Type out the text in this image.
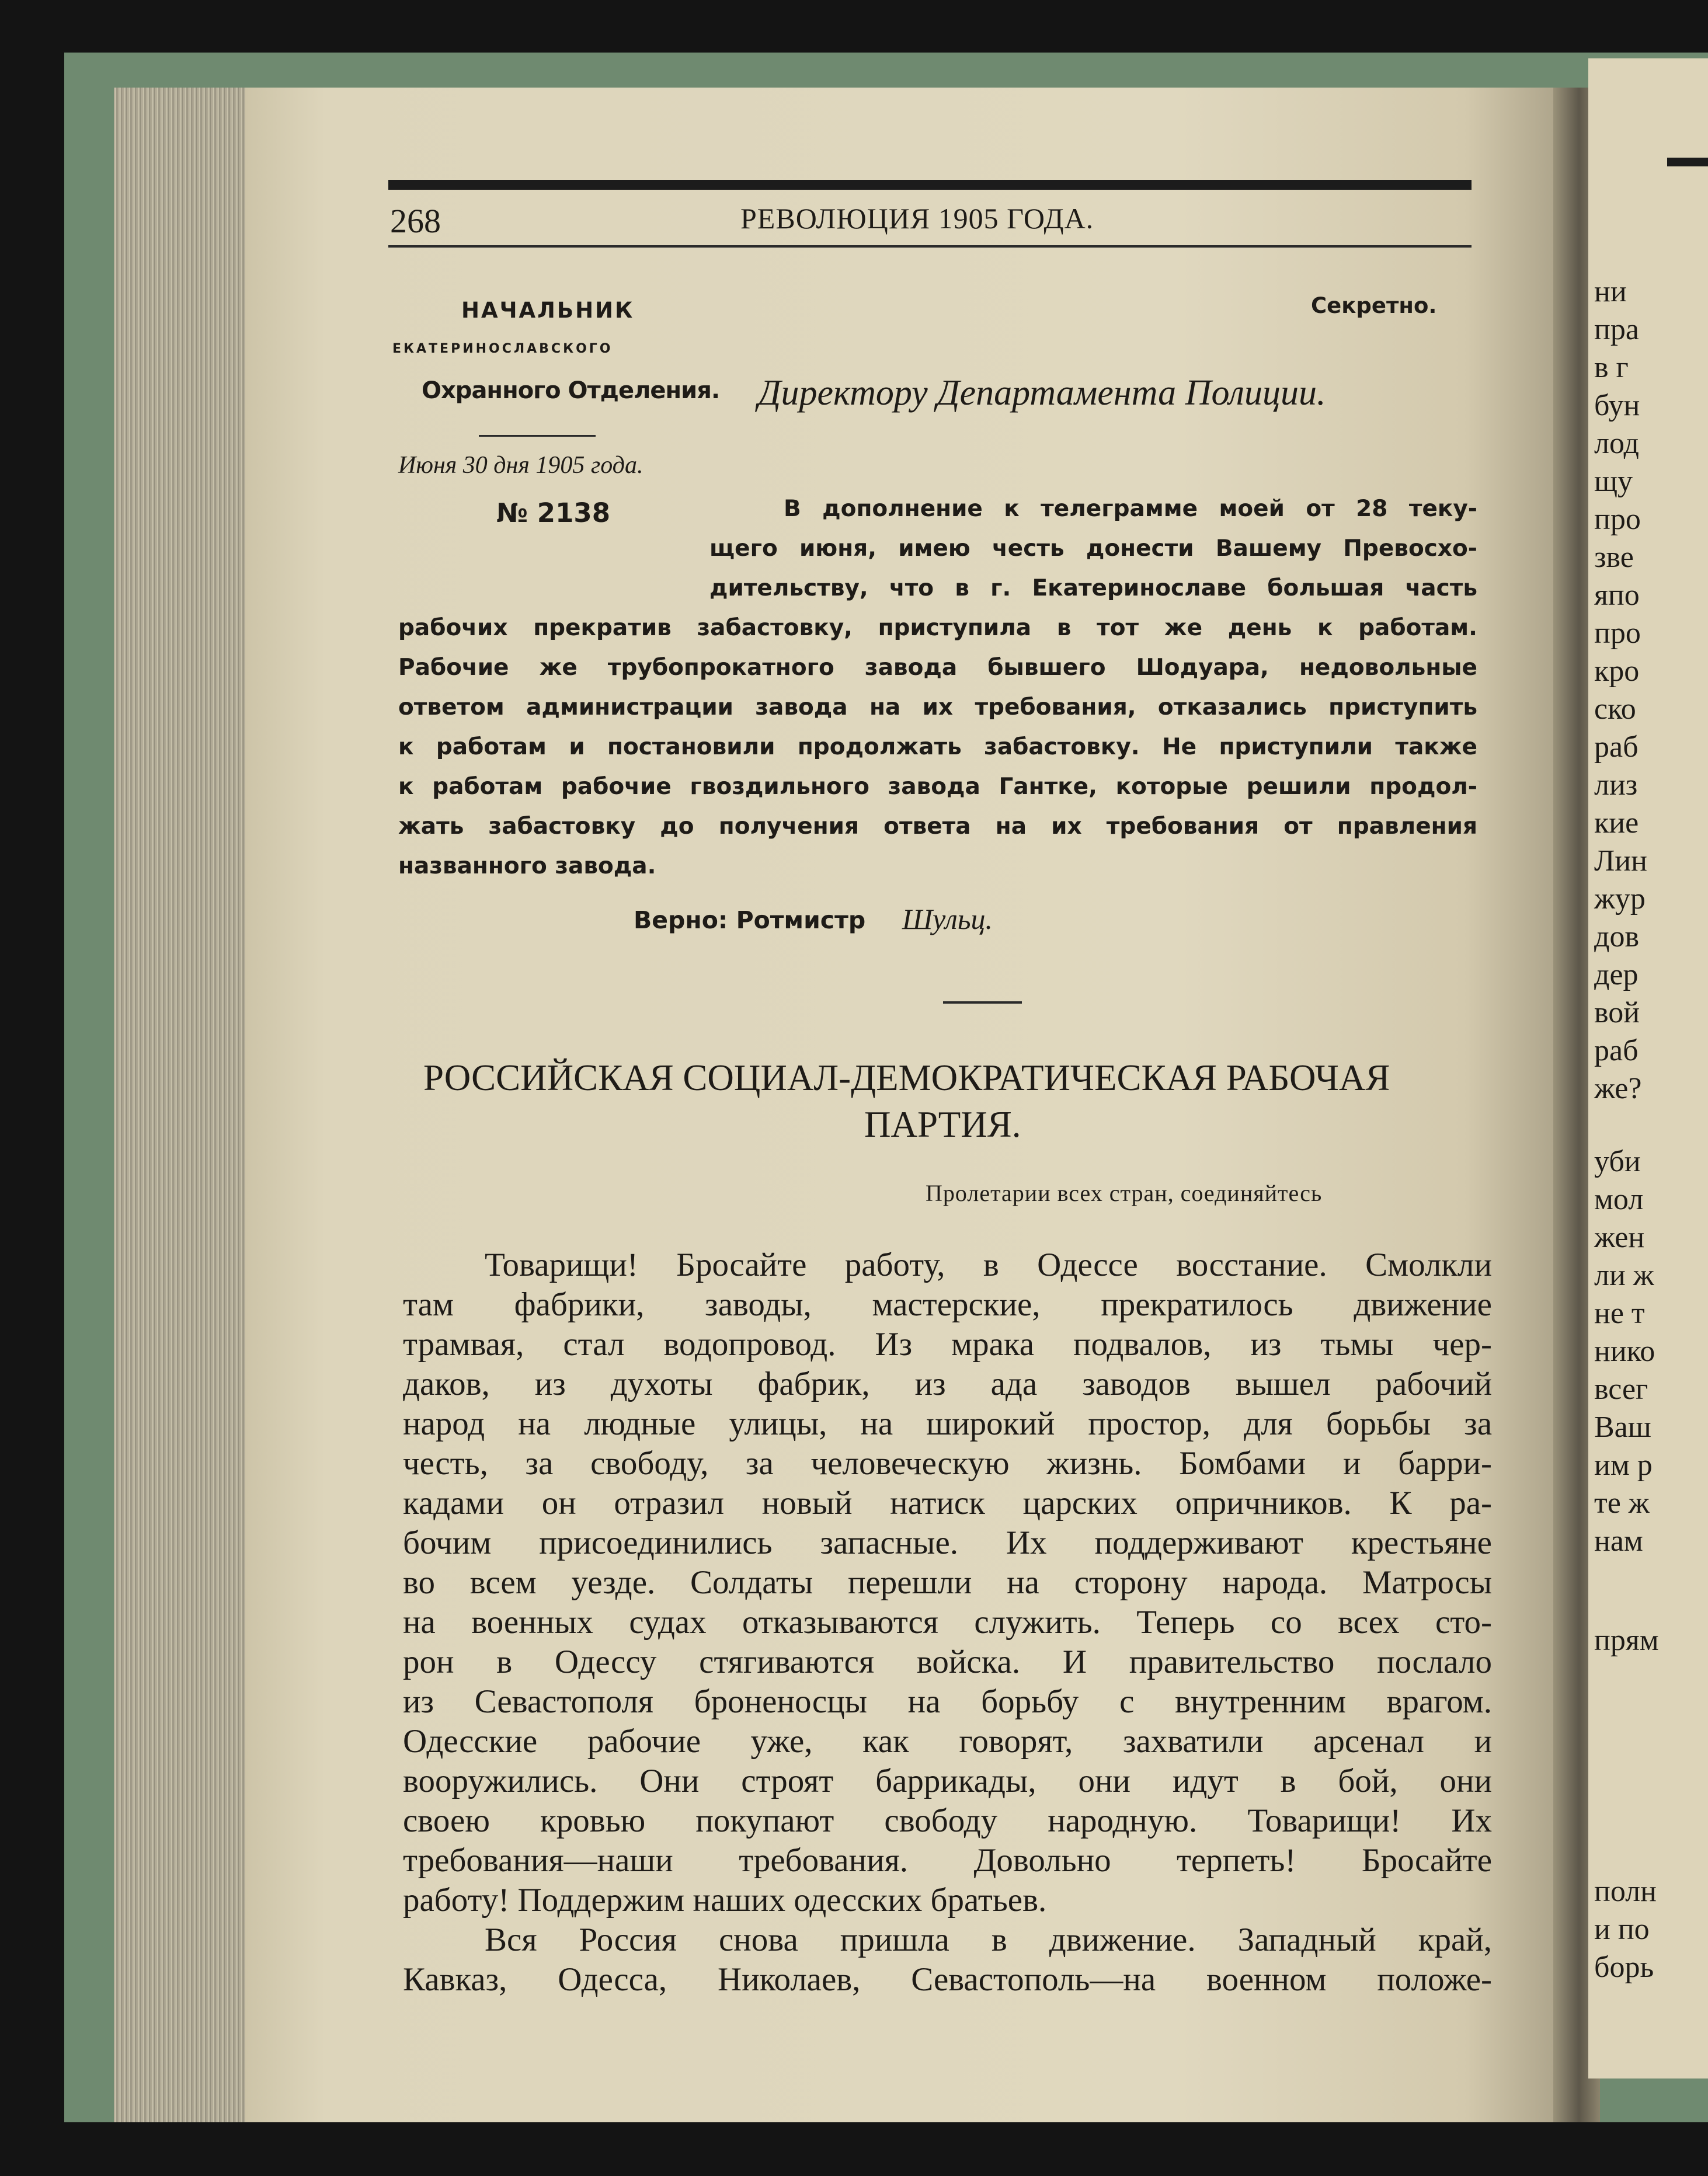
268	РЕВОЛЮЦИЯ 1905 ГОДА.
НАЧАЛЬНИК
ЕКАТЕРИНОСЛАВСКОГО
Охранного Отделения.
Секретно.
Директору Департамента Полиции.
Июня 30 дня 1905 года.
№ 2138	В дополнение к телеграмме моей от 28 теку-
щего июня, имею честь донести Вашему Превосхо-
дительству, что в г. Екатеринославе большая часть
рабочих прекратив забастовку, приступила в тот же день к работам.
Рабочие же трубопрокатного завода бывшего Шодуара, недовольные
ответом администрации завода на их требования, отказались приступить
к работам и постановили продолжать забастовку. Не приступили также
к работам рабочие гвоздильного завода Гантке, которые решили продол-
жать забастовку до получения ответа на их требования от правления
названного завода.
Верно: Ротмистр Шульц.
РОССИЙСКАЯ СОЦИАЛ-ДЕМОКРАТИЧЕСКАЯ РАБОЧАЯ
ПАРТИЯ.
Пролетарии всех стран, соединяйтесь
Товарищи! Бросайте работу, в Одессе восстание. Смолкли
там фабрики, заводы, мастерские, прекратилось движение
трамвая, стал водопровод. Из мрака подвалов, из тьмы чер-
даков, из духоты фабрик, из ада заводов вышел рабочий
народ на людные улицы, на широкий простор, для борьбы за
честь, за свободу, за человеческую жизнь. Бомбами и барри-
кадами он отразил новый натиск царских опричников. К ра-
бочим присоединились запасные. Их поддерживают крестьяне
во всем уезде. Солдаты перешли на сторону народа. Матросы
на военных судах отказываются служить. Теперь со всех сто-
рон в Одессу стягиваются войска. И правительство послало
из Севастополя броненосцы на борьбу с внутренним врагом.
Одесские рабочие уже, как говорят, захватили арсенал и
вооружились. Они строят баррикады, они идут в бой, они
своею кровью покупают свободу народную. Товарищи! Их
требования—наши требования. Довольно терпеть! Бросайте
работу! Поддержим наших одесских братьев.
Вся Россия снова пришла в движение. Западный край,
Кавказ, Одесса, Николаев, Севастополь—на военном положе-
ни
пра
в г
бун
лод
щу
про
зве
япо
про
кро
ско
раб
лиз
кие
Лин
жур
дов
дер
вой
раб
же?
уби
мол
жен
ли ж
не т
нико
всег
Ваш
им р
те ж
нам
прям
полн
и по
борь
